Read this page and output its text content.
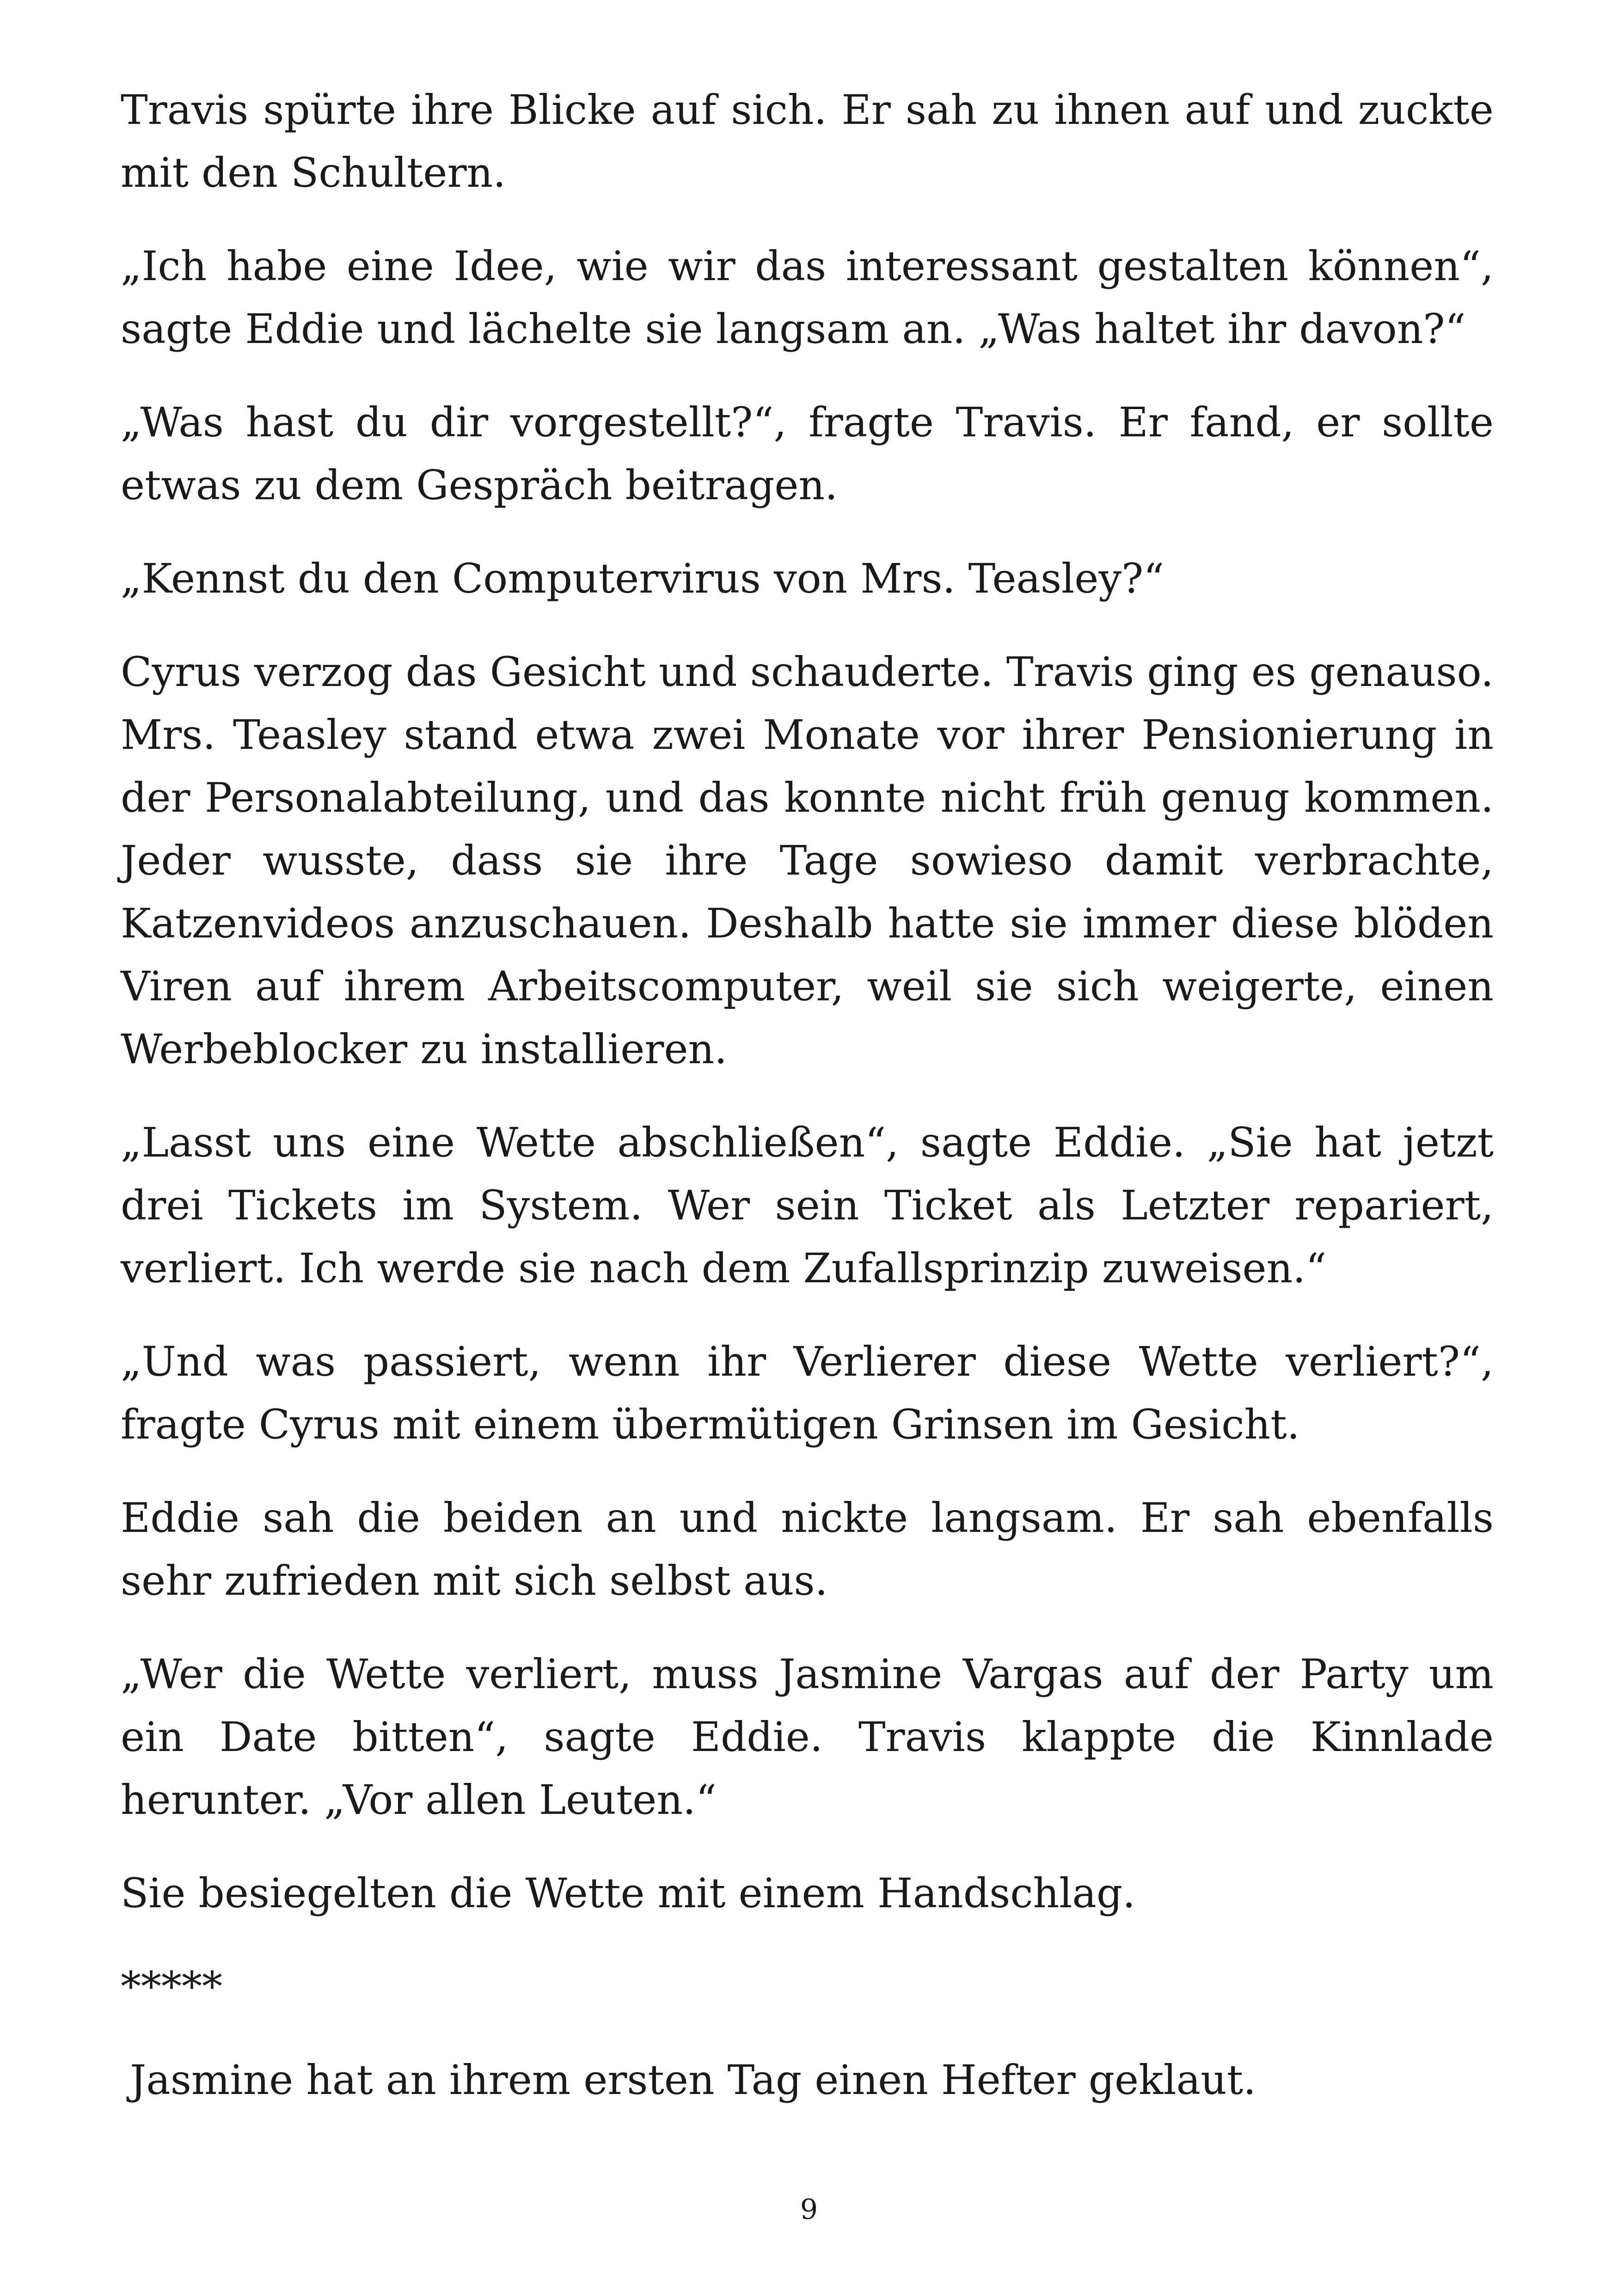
Travis spürte ihre Blicke auf sich. Er sah zu ihnen auf und zuckte mit den Schultern.

„Ich habe eine Idee, wie wir das interessant gestalten können“, sagte Eddie und lächelte sie langsam an. „Was haltet ihr davon?“

„Was hast du dir vorgestellt?“, fragte Travis. Er fand, er sollte etwas zu dem Gespräch beitragen.

„Kennst du den Computervirus von Mrs. Teasley?“

Cyrus verzog das Gesicht und schauderte. Travis ging es genauso. Mrs. Teasley stand etwa zwei Monate vor ihrer Pensionierung in der Personalabteilung, und das konnte nicht früh genug kommen. Jeder wusste, dass sie ihre Tage sowieso damit verbrachte, Katzenvideos anzuschauen. Deshalb hatte sie immer diese blöden Viren auf ihrem Arbeitscomputer, weil sie sich weigerte, einen Werbeblocker zu installieren.

„Lasst uns eine Wette abschließen“, sagte Eddie. „Sie hat jetzt drei Tickets im System. Wer sein Ticket als Letzter repariert, verliert. Ich werde sie nach dem Zufallsprinzip zuweisen.“

„Und was passiert, wenn ihr Verlierer diese Wette verliert?“, fragte Cyrus mit einem übermütigen Grinsen im Gesicht.

Eddie sah die beiden an und nickte langsam. Er sah ebenfalls sehr zufrieden mit sich selbst aus.

„Wer die Wette verliert, muss Jasmine Vargas auf der Party um ein Date bitten“, sagte Eddie. Travis klappte die Kinnlade herunter. „Vor allen Leuten.“

Sie besiegelten die Wette mit einem Handschlag.

*****

Jasmine hat an ihrem ersten Tag einen Hefter geklaut.

9
